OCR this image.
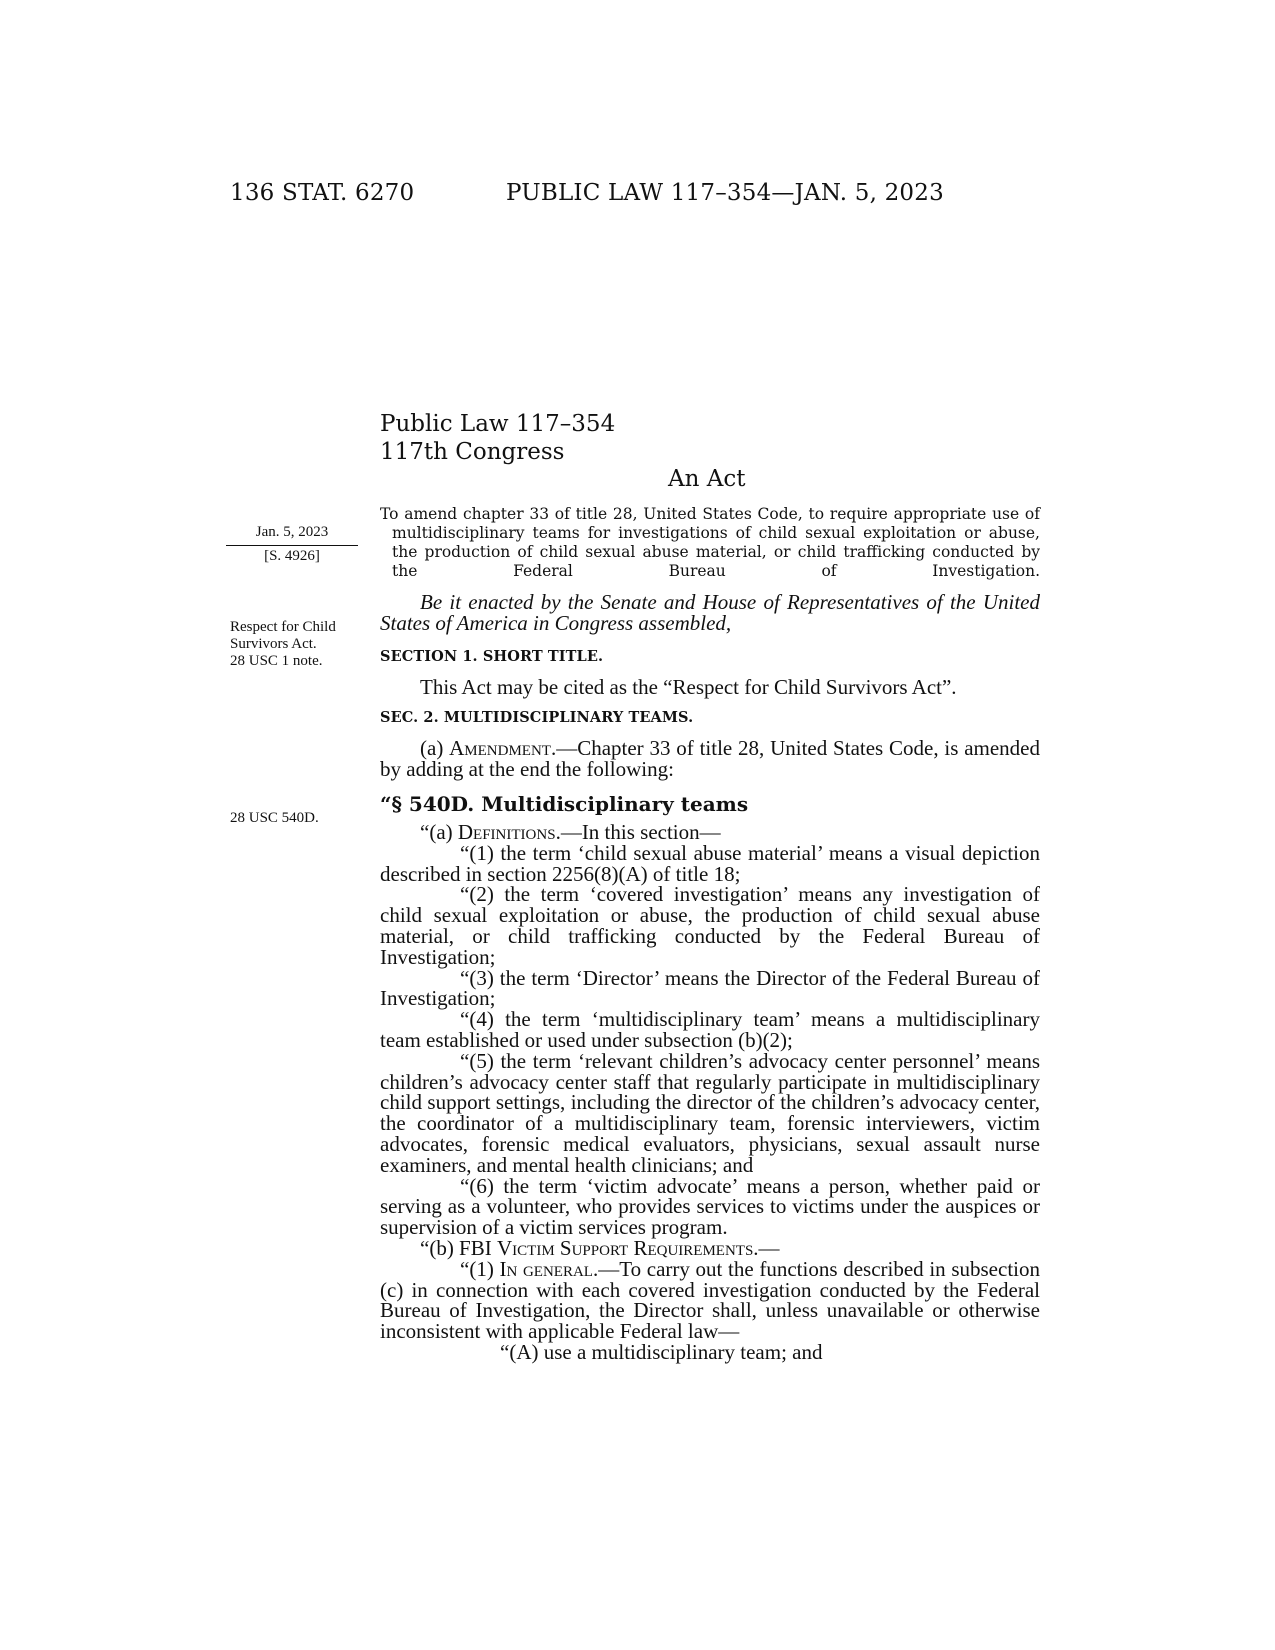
136 STAT. 6270	PUBLIC LAW 117–354—JAN. 5, 2023
Public Law 117–354
117th Congress
An Act
Jan. 5, 2023
[S. 4926]
Respect for Child
Survivors Act.
28 USC 1 note.
28 USC 540D.
To amend chapter 33 of title 28, United States Code, to require appropriate use of multidisciplinary teams for investigations of child sexual exploitation or abuse, the production of child sexual abuse material, or child trafficking conducted by the Federal Bureau of Investigation.

Be it enacted by the Senate and House of Representatives of the United States of America in Congress assembled,

SECTION 1. SHORT TITLE.

This Act may be cited as the “Respect for Child Survivors Act”.

SEC. 2. MULTIDISCIPLINARY TEAMS.

(a) Amendment.—Chapter 33 of title 28, United States Code, is amended by adding at the end the following:

“§ 540D. Multidisciplinary teams

“(a) Definitions.—In this section—

“(1) the term ‘child sexual abuse material’ means a visual depiction described in section 2256(8)(A) of title 18;

“(2) the term ‘covered investigation’ means any investigation of child sexual exploitation or abuse, the production of child sexual abuse material, or child trafficking conducted by the Federal Bureau of Investigation;

“(3) the term ‘Director’ means the Director of the Federal Bureau of Investigation;

“(4) the term ‘multidisciplinary team’ means a multidisciplinary team established or used under subsection (b)(2);

“(5) the term ‘relevant children’s advocacy center personnel’ means children’s advocacy center staff that regularly participate in multidisciplinary child support settings, including the director of the children’s advocacy center, the coordinator of a multidisciplinary team, forensic interviewers, victim advocates, forensic medical evaluators, physicians, sexual assault nurse examiners, and mental health clinicians; and

“(6) the term ‘victim advocate’ means a person, whether paid or serving as a volunteer, who provides services to victims under the auspices or supervision of a victim services program.

“(b) FBI Victim Support Requirements.—

“(1) In general.—To carry out the functions described in subsection (c) in connection with each covered investigation conducted by the Federal Bureau of Investigation, the Director shall, unless unavailable or otherwise inconsistent with applicable Federal law—

“(A) use a multidisciplinary team; and
